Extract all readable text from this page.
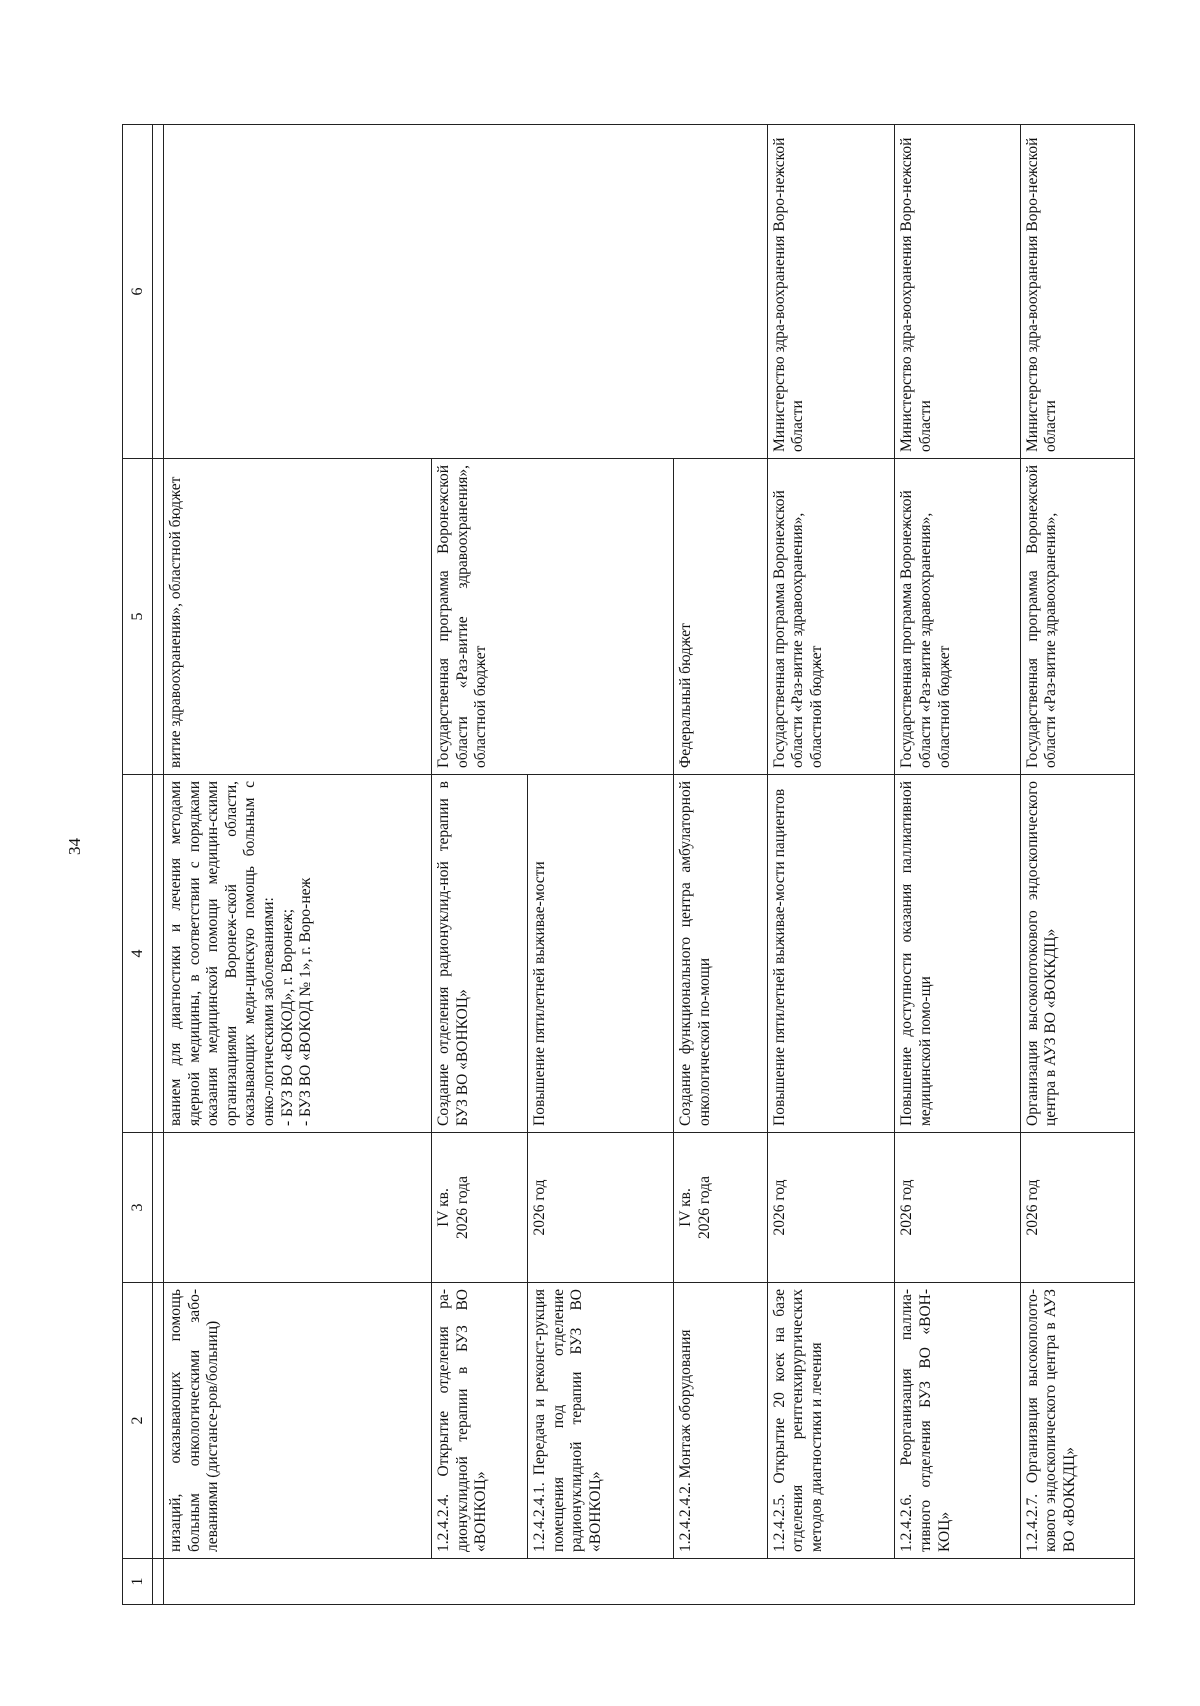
34
1	2	3	4	5	6

	низаций, оказывающих помощь больным онкологическими забо-леваниями (дистансе-ров/больниц)		ванием для диагностики и лечения методами ядерной медицины, в соответствии с порядками оказания медицинской помощи медицин-скими организациями Воронеж-ской области, оказывающих меди-цинскую помощь больным с онко-логическими заболеваниями:
- БУЗ ВО «ВОКОД», г. Воронеж;
- БУЗ ВО «ВОКОД № 1», г. Воро-неж	витие здравоохранения», областной бюджет	
	1.2.4.2.4. Открытие отделения ра-дионуклидной терапии в БУЗ ВО «ВОНКОЦ»	IV кв.
2026 года	Создание отделения радионуклид-ной терапии в БУЗ ВО «ВОНКОЦ»	Государственная программа Воронежской области «Раз-витие здравоохранения», областной бюджет	
	1.2.4.2.4.1. Передача и реконст-рукция помещения под отделение радионуклидной терапии БУЗ ВО «ВОНКОЦ»	2026 год	Повышение пятилетней выживае-мости		
	1.2.4.2.4.2. Монтаж оборудования	IV кв.
2026 года	Создание функционального центра амбулаторной онкологической по-мощи	Федеральный бюджет	
	1.2.4.2.5. Открытие 20 коек на базе отделения рентгенхирургических методов диагностики и лечения	2026 год	Повышение пятилетней выживае-мости пациентов	Государственная программа Воронежской области «Раз-витие здравоохранения», областной бюджет	Министерство здра-воохранения Воро-нежской области
	1.2.4.2.6. Реорганизация паллиа-тивного отделения БУЗ ВО «ВОН-КОЦ»	2026 год	Повышение доступности оказания паллиативной медицинской помо-щи	Государственная программа Воронежской области «Раз-витие здравоохранения», областной бюджет	Министерство здра-воохранения Воро-нежской области
	1.2.4.2.7. Организвция высокополото-кового эндоскопического центра в АУЗ ВО «ВОККДЦ»	2026 год	Организация высокопотокового эндоскопического центра в АУЗ ВО «ВОККДЦ»	Государственная программа Воронежской области «Раз-витие здравоохранения»,	Министерство здра-воохранения Воро-нежской области
